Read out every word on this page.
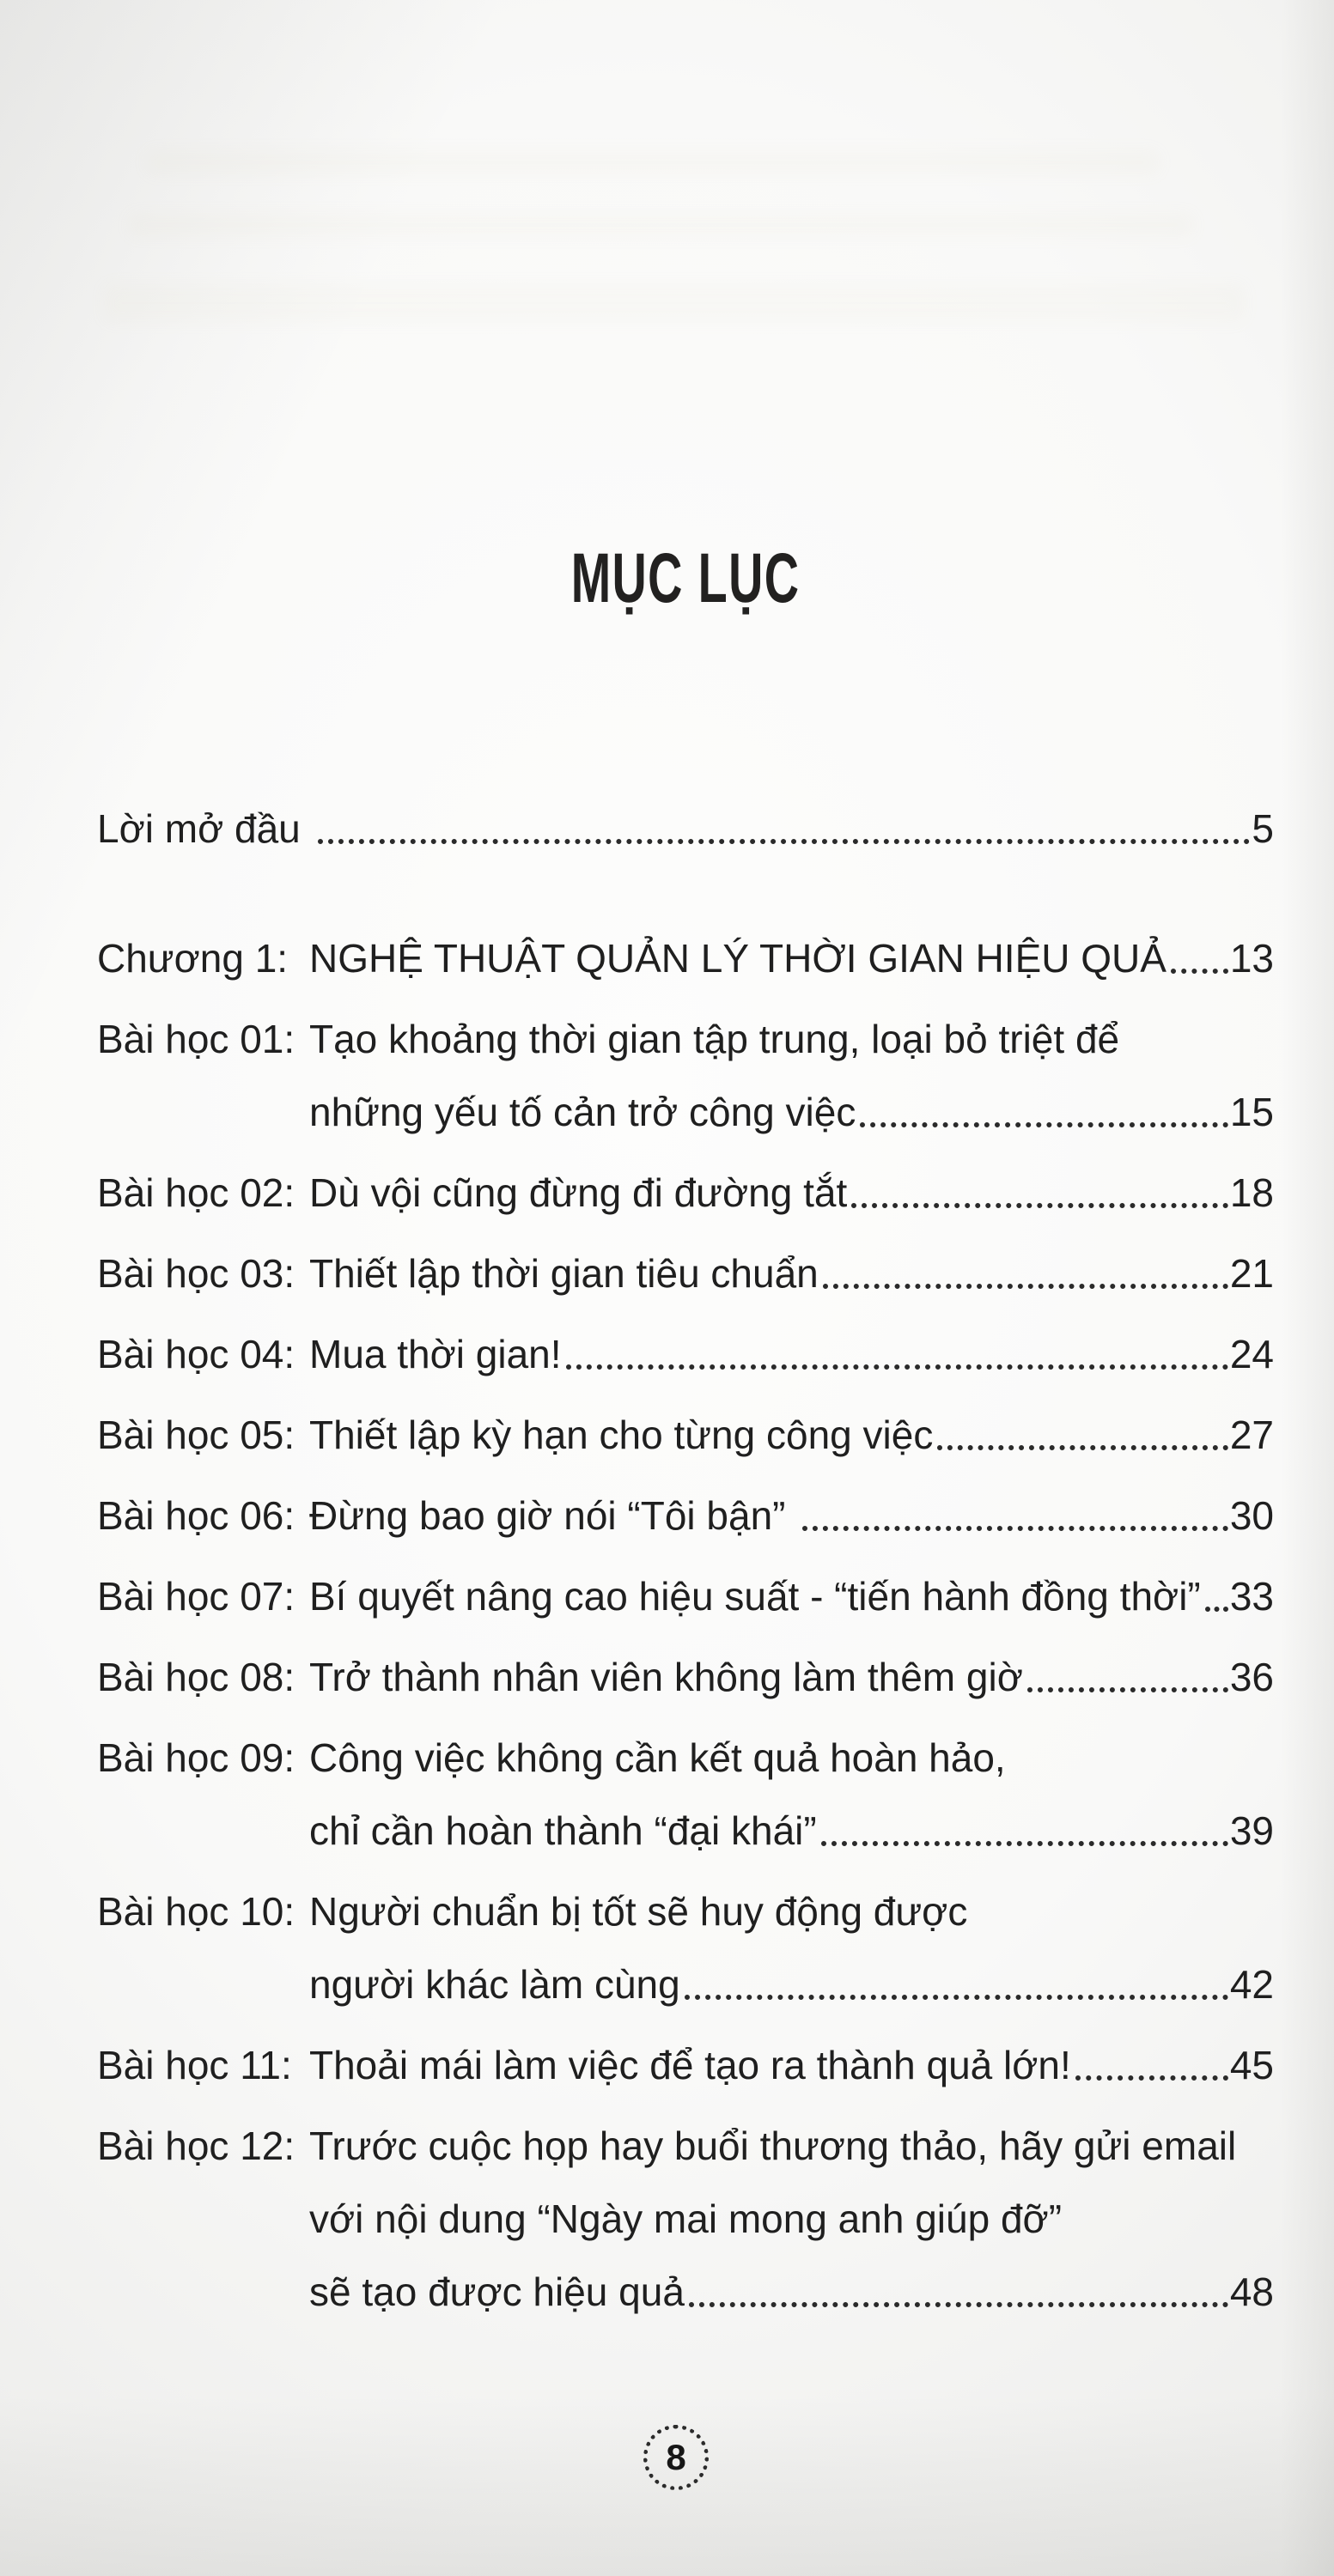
MỤC LỤC
Lời mở đầu	5
Chương 1: NGHỆ THUẬT QUẢN LÝ THỜI GIAN HIỆU QUẢ 13
Bài học 01: Tạo khoảng thời gian tập trung, loại bỏ triệt để
những yếu tố cản trở công việc	15
Bài học 02: Dù vội cũng đừng đi đường tắt	18
Bài học 03: Thiết lập thời gian tiêu chuẩn	21
Bài học 04: Mua thời gian!	24
Bài học 05: Thiết lập kỳ hạn cho từng công việc	27
Bài học 06: Đừng bao giờ nói “Tôi bận”	30
Bài học 07: Bí quyết nâng cao hiệu suất - “tiến hành đồng thời” 33
Bài học 08: Trở thành nhân viên không làm thêm giờ	36
Bài học 09: Công việc không cần kết quả hoàn hảo,
chỉ cần hoàn thành “đại khái”	39
Bài học 10: Người chuẩn bị tốt sẽ huy động được
người khác làm cùng	42
Bài học 11: Thoải mái làm việc để tạo ra thành quả lớn!	45
Bài học 12: Trước cuộc họp hay buổi thương thảo, hãy gửi email
với nội dung “Ngày mai mong anh giúp đỡ”
sẽ tạo được hiệu quả	48
8
